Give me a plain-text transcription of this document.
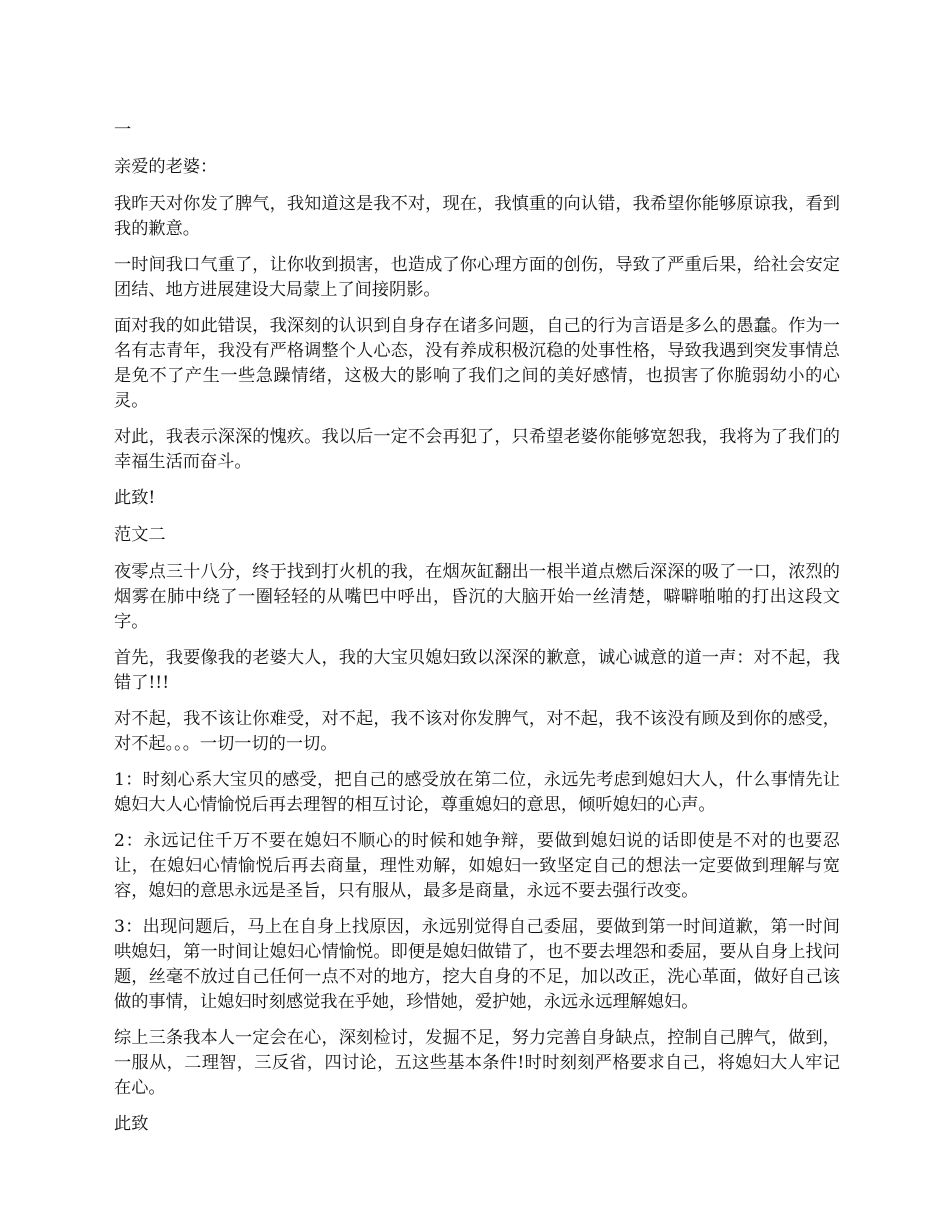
一

亲爱的老婆：

我昨天对你发了脾气，我知道这是我不对，现在，我慎重的向认错，我希望你能够原谅我，看到我的歉意。

一时间我口气重了，让你收到损害，也造成了你心理方面的创伤，导致了严重后果，给社会安定团结、地方进展建设大局蒙上了间接阴影。

面对我的如此错误，我深刻的认识到自身存在诸多问题，自己的行为言语是多么的愚蠢。作为一名有志青年，我没有严格调整个人心态，没有养成积极沉稳的处事性格，导致我遇到突发事情总是免不了产生一些急躁情绪，这极大的影响了我们之间的美好感情，也损害了你脆弱幼小的心灵。

对此，我表示深深的愧疚。我以后一定不会再犯了，只希望老婆你能够宽恕我，我将为了我们的幸福生活而奋斗。

此致!

范文二

夜零点三十八分，终于找到打火机的我，在烟灰缸翻出一根半道点燃后深深的吸了一口，浓烈的烟雾在肺中绕了一圈轻轻的从嘴巴中呼出，昏沉的大脑开始一丝清楚，噼噼啪啪的打出这段文字。

首先，我要像我的老婆大人，我的大宝贝媳妇致以深深的歉意，诚心诚意的道一声：对不起，我错了!!!

对不起，我不该让你难受，对不起，我不该对你发脾气，对不起，我不该没有顾及到你的感受，对不起。。。一切一切的一切。

1：时刻心系大宝贝的感受，把自己的感受放在第二位，永远先考虑到媳妇大人，什么事情先让媳妇大人心情愉悦后再去理智的相互讨论，尊重媳妇的意思，倾听媳妇的心声。

2：永远记住千万不要在媳妇不顺心的时候和她争辩，要做到媳妇说的话即使是不对的也要忍让，在媳妇心情愉悦后再去商量，理性劝解，如媳妇一致坚定自己的想法一定要做到理解与宽容，媳妇的意思永远是圣旨，只有服从，最多是商量，永远不要去强行改变。

3：出现问题后，马上在自身上找原因，永远别觉得自己委屈，要做到第一时间道歉，第一时间哄媳妇，第一时间让媳妇心情愉悦。即便是媳妇做错了，也不要去埋怨和委屈，要从自身上找问题，丝毫不放过自己任何一点不对的地方，挖大自身的不足，加以改正，洗心革面，做好自己该做的事情，让媳妇时刻感觉我在乎她，珍惜她，爱护她，永远永远理解媳妇。

综上三条我本人一定会在心，深刻检讨，发掘不足，努力完善自身缺点，控制自己脾气，做到，一服从，二理智，三反省，四讨论，五这些基本条件!时时刻刻严格要求自己，将媳妇大人牢记在心。

此致
